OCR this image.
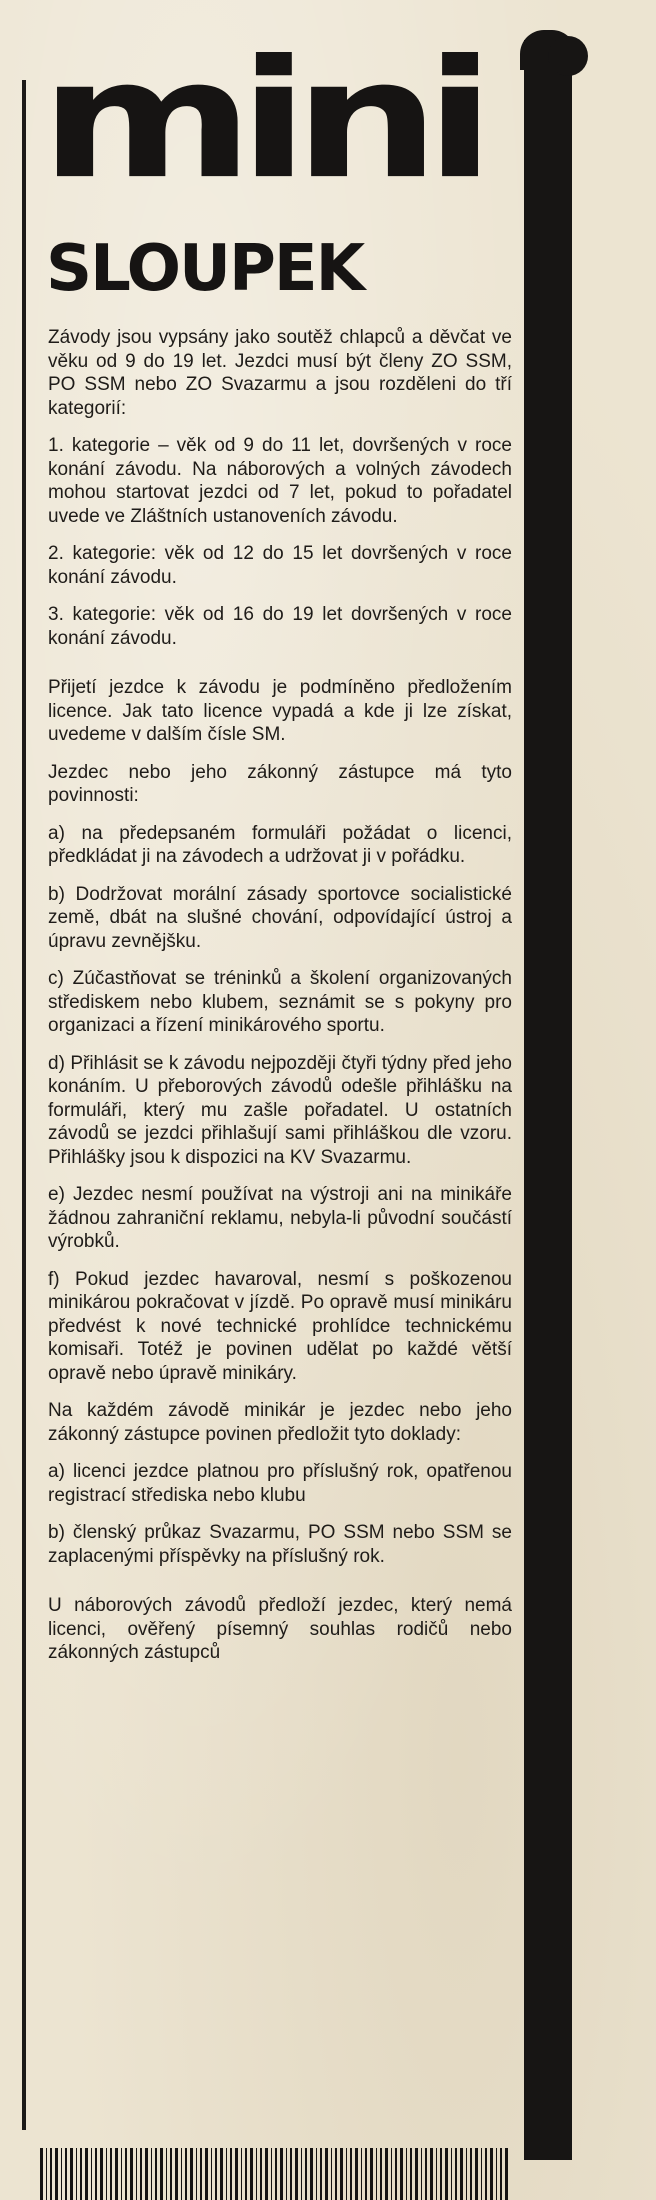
mini
SLOUPEK

Závody jsou vypsány jako soutěž chlapců a děvčat ve věku od 9 do 19 let. Jezdci musí být členy ZO SSM, PO SSM nebo ZO Svazarmu a jsou rozděleni do tří kategorií:

1. kategorie – věk od 9 do 11 let, dovršených v roce konání závodu. Na náborových a volných závodech mohou startovat jezdci od 7 let, pokud to pořadatel uvede ve Zláštních ustanoveních závodu.

2. kategorie: věk od 12 do 15 let dovršených v roce konání závodu.

3. kategorie: věk od 16 do 19 let dovršených v roce konání závodu.

Přijetí jezdce k závodu je podmíněno předložením licence. Jak tato licence vypadá a kde ji lze získat, uvedeme v dalším čísle SM.

Jezdec nebo jeho zákonný zástupce má tyto povinnosti:

a) na předepsaném formuláři požádat o licenci, předkládat ji na závodech a udržovat ji v pořádku.

b) Dodržovat morální zásady sportovce socialistické země, dbát na slušné chování, odpovídající ústroj a úpravu zevnějšku.

c) Zúčastňovat se tréninků a školení organizovaných střediskem nebo klubem, seznámit se s pokyny pro organizaci a řízení minikárového sportu.

d) Přihlásit se k závodu nejpozději čtyři týdny před jeho konáním. U přeborových závodů odešle přihlášku na formuláři, který mu zašle pořadatel. U ostatních závodů se jezdci přihlašují sami přihláškou dle vzoru. Přihlášky jsou k dispozici na KV Svazarmu.

e) Jezdec nesmí používat na výstroji ani na minikáře žádnou zahraniční reklamu, nebyla-li původní součástí výrobků.

f) Pokud jezdec havaroval, nesmí s poškozenou minikárou pokračovat v jízdě. Po opravě musí minikáru předvést k nové technické prohlídce technickému komisaři. Totéž je povinen udělat po každé větší opravě nebo úpravě minikáry.

Na každém závodě minikár je jezdec nebo jeho zákonný zástupce povinen předložit tyto doklady:

a) licenci jezdce platnou pro příslušný rok, opatřenou registrací střediska nebo klubu

b) členský průkaz Svazarmu, PO SSM nebo SSM se zaplacenými příspěvky na příslušný rok.

U náborových závodů předloží jezdec, který nemá licenci, ověřený písemný souhlas rodičů nebo zákonných zástupců
